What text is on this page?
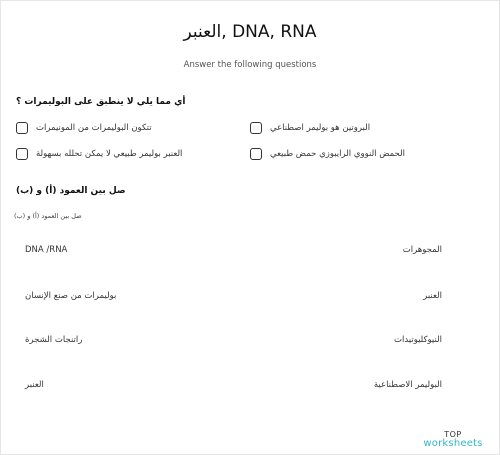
العنبر, DNA, RNA
Answer the following questions
أي مما يلي لا ينطبق على البوليمرات ؟
تتكون البوليمرات من المونيمرات	البروتين هو بوليمر اصطناعي
العنبر بوليمر طبيعي لا يمكن تحلله بسهولة	الحمض النووي الرايبوزي حمض طبيعي
صل بين العمود (أ) و (ب)
صل بين العمود (أ) و (ب)
DNA /RNA
بوليمرات من صنع الإنسان
راتنجات الشجرة
العنبر
المجوهرات
العنبر
النيوكليوتيدات
البوليمر الاصطناعية
TOP
worksheets
